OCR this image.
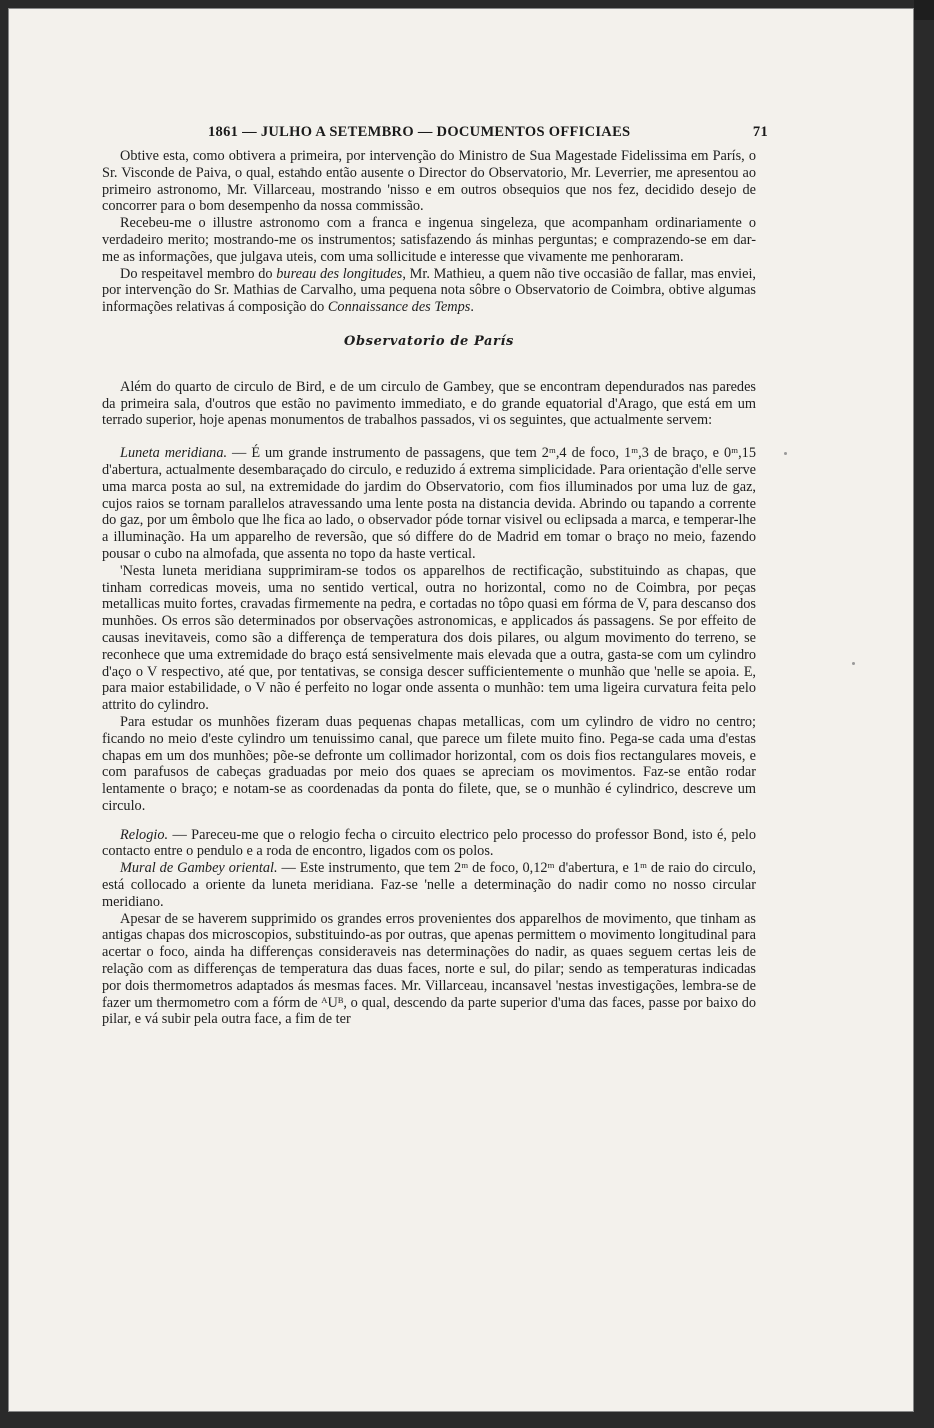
1861 — JULHO A SETEMBRO — DOCUMENTOS OFFICIAES	71

Obtive esta, como obtivera a primeira, por intervenção do Ministro de Sua Magestade Fidelissima em París, o Sr. Visconde de Paiva, o qual, estando então ausente o Director do Observatorio, Mr. Leverrier, me apresentou ao primeiro astronomo, Mr. Villarceau, mostrando 'nisso e em outros obsequios que nos fez, decidido desejo de concorrer para o bom desempenho da nossa commissão.

Recebeu-me o illustre astronomo com a franca e ingenua singeleza, que acompanham ordinariamente o verdadeiro merito; mostrando-me os instrumentos; satisfazendo ás minhas perguntas; e comprazendo-se em dar-me as informações, que julgava uteis, com uma sollicitude e interesse que vivamente me penhoraram.

Do respeitavel membro do bureau des longitudes, Mr. Mathieu, a quem não tive occasião de fallar, mas enviei, por intervenção do Sr. Mathias de Carvalho, uma pequena nota sôbre o Observatorio de Coimbra, obtive algumas informações relativas á composição do Connaissance des Temps.

Observatorio de París

Além do quarto de circulo de Bird, e de um circulo de Gambey, que se encontram dependurados nas paredes da primeira sala, d'outros que estão no pavimento immediato, e do grande equatorial d'Arago, que está em um terrado superior, hoje apenas monumentos de trabalhos passados, vi os seguintes, que actualmente servem:

Luneta meridiana. — É um grande instrumento de passagens, que tem 2ᵐ,4 de foco, 1ᵐ,3 de braço, e 0ᵐ,15 d'abertura, actualmente desembaraçado do circulo, e reduzido á extrema simplicidade. Para orientação d'elle serve uma marca posta ao sul, na extremidade do jardim do Observatorio, com fios illuminados por uma luz de gaz, cujos raios se tornam parallelos atravessando uma lente posta na distancia devida. Abrindo ou tapando a corrente do gaz, por um êmbolo que lhe fica ao lado, o observador póde tornar visivel ou eclipsada a marca, e temperar-lhe a illuminação. Ha um apparelho de reversão, que só differe do de Madrid em tomar o braço no meio, fazendo pousar o cubo na almofada, que assenta no topo da haste vertical.

'Nesta luneta meridiana supprimiram-se todos os apparelhos de rectificação, substituindo as chapas, que tinham corredicas moveis, uma no sentido vertical, outra no horizontal, como no de Coimbra, por peças metallicas muito fortes, cravadas firmemente na pedra, e cortadas no tôpo quasi em fórma de V, para descanso dos munhões. Os erros são determinados por observações astronomicas, e applicados ás passagens. Se por effeito de causas inevitaveis, como são a differença de temperatura dos dois pilares, ou algum movimento do terreno, se reconhece que uma extremidade do braço está sensivelmente mais elevada que a outra, gasta-se com um cylindro d'aço o V respectivo, até que, por tentativas, se consiga descer sufficientemente o munhão que 'nelle se apoia. E, para maior estabilidade, o V não é perfeito no logar onde assenta o munhão: tem uma ligeira curvatura feita pelo attrito do cylindro.

Para estudar os munhões fizeram duas pequenas chapas metallicas, com um cylindro de vidro no centro; ficando no meio d'este cylindro um tenuissimo canal, que parece um filete muito fino. Pega-se cada uma d'estas chapas em um dos munhões; põe-se defronte um collimador horizontal, com os dois fios rectangulares moveis, e com parafusos de cabeças graduadas por meio dos quaes se apreciam os movimentos. Faz-se então rodar lentamente o braço; e notam-se as coordenadas da ponta do filete, que, se o munhão é cylindrico, descreve um circulo.

Relogio. — Pareceu-me que o relogio fecha o circuito electrico pelo processo do professor Bond, isto é, pelo contacto entre o pendulo e a roda de encontro, ligados com os polos.

Mural de Gambey oriental. — Este instrumento, que tem 2ᵐ de foco, 0,12ᵐ d'abertura, e 1ᵐ de raio do circulo, está collocado a oriente da luneta meridiana. Faz-se 'nelle a determinação do nadir como no nosso circular meridiano.

Apesar de se haverem supprimido os grandes erros provenientes dos apparelhos de movimento, que tinham as antigas chapas dos microscopios, substituindo-as por outras, que apenas permittem o movimento longitudinal para acertar o foco, ainda ha differenças consideraveis nas determinações do nadir, as quaes seguem certas leis de relação com as differenças de temperatura das duas faces, norte e sul, do pilar; sendo as temperaturas indicadas por dois thermometros adaptados ás mesmas faces. Mr. Villarceau, incansavel 'nestas investigações, lembra-se de fazer um thermometro com a fórm de ᴬUᴮ, o qual, descendo da parte superior d'uma das faces, passe por baixo do pilar, e vá subir pela outra face, a fim de ter
